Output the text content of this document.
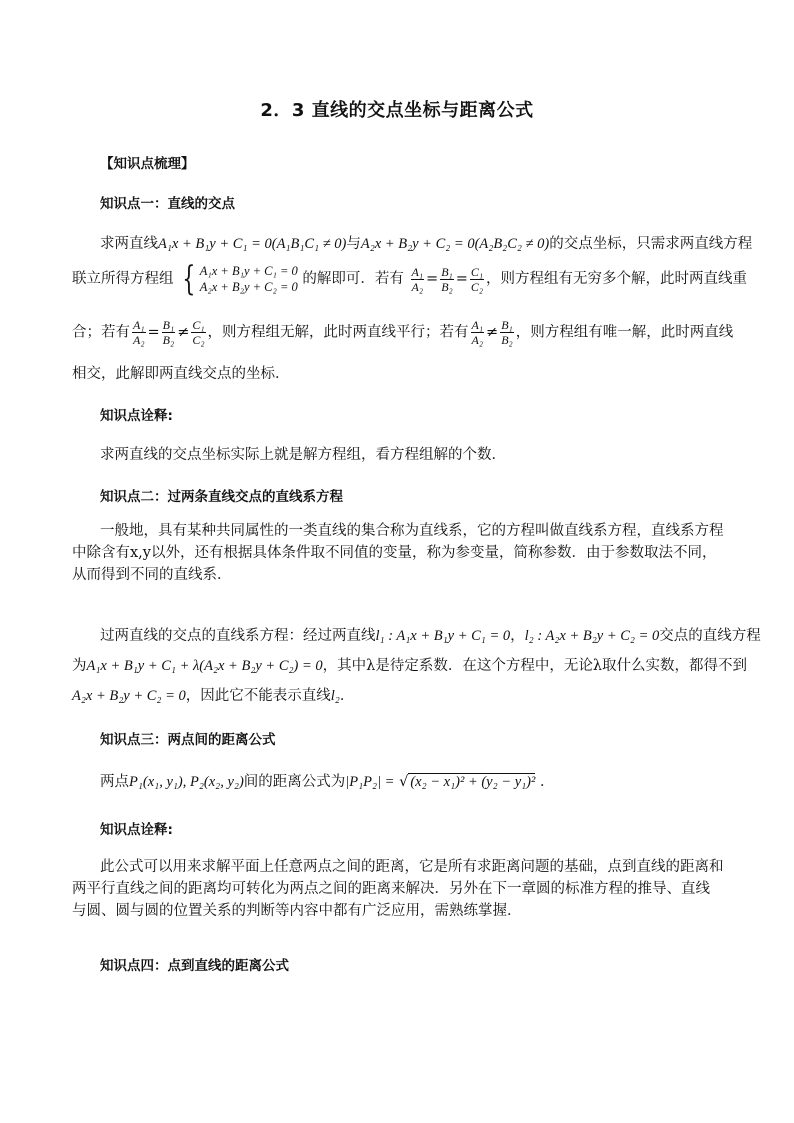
2．3 直线的交点坐标与距离公式
【知识点梳理】
知识点一：直线的交点
求两直线A₁x + B₁y + C₁ = 0(A₁B₁C₁ ≠ 0)与A₂x + B₂y + C₂ = 0(A₂B₂C₂ ≠ 0)的交点坐标，只需求两直线方程
联立所得方程组 { A₁x + B₁y + C₁ = 0
A₂x + B₂y + C₂ = 0 的解即可．若有 $\frac{\text{A₁}}{\text{A₂}} = \frac{\text{B₁}}{\text{B₂}} = \frac{\text{C₁}}{\text{C₂}}$ ，则方程组有无穷多个解，此时两直线重
合；若有 $\frac{\text{A₁}}{\text{A₂}} = \frac{\text{B₁}}{\text{B₂}} \ne \frac{\text{C₁}}{\text{C₂}}$ ，则方程组无解，此时两直线平行；若有 $\frac{\text{A₁}}{\text{A₂}} \ne \frac{\text{B₁}}{\text{B₂}}$ ，则方程组有唯一解，此时两直线
相交，此解即两直线交点的坐标．
知识点诠释:
求两直线的交点坐标实际上就是解方程组，看方程组解的个数．
知识点二：过两条直线交点的直线系方程
一般地，具有某种共同属性的一类直线的集合称为直线系，它的方程叫做直线系方程，直线系方程中除含有x,y以外，还有根据具体条件取不同值的变量，称为参变量，简称参数．由于参数取法不同，从而得到不同的直线系．
过两直线的交点的直线系方程：经过两直线l₁ : A₁x + B₁y + C₁ = 0，l₂ : A₂x + B₂y + C₂ = 0交点的直线方程
为A₁x + B₁y + C₁ + λ(A₂x + B₂y + C₂) = 0，其中λ是待定系数．在这个方程中，无论λ取什么实数，都得不到
A₂x + B₂y + C₂ = 0，因此它不能表示直线l₂．
知识点三：两点间的距离公式
两点P₁(x₁, y₁), P₂(x₂, y₂)间的距离公式为|P₁P₂| = √ (x₂ − x₁)² + (y₂ − y₁)² ．
知识点诠释:
此公式可以用来求解平面上任意两点之间的距离，它是所有求距离问题的基础，点到直线的距离和两平行直线之间的距离均可转化为两点之间的距离来解决．另外在下一章圆的标准方程的推导、直线与圆、圆与圆的位置关系的判断等内容中都有广泛应用，需熟练掌握．
知识点四：点到直线的距离公式
